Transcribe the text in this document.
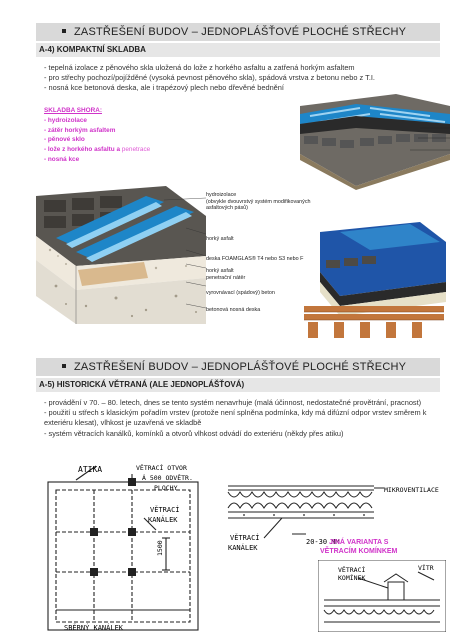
ZASTŘEŠENÍ BUDOV – JEDNOPLÁŠŤOVÉ PLOCHÉ STŘECHY
A-4) KOMPAKTNÍ SKLADBA
- tepelná izolace z pěnového skla uložená do lože z horkého asfaltu a zatřená horkým asfaltem
- pro střechy pochozí/pojížděné (vysoká pevnost pěnového skla), spádová vrstva z betonu nebo z T.I.
- nosná kce betonová deska, ale i trapézový plech nebo dřevěné bednění
SKLADBA SHORA:
- hydroizolace
- zátěr horkým asfaltem
- pěnové sklo
- lože z horkého asfaltu a penetrace
- nosná kce
hydroizolace
(obvykle dvouvrstvý systém modifikovaných asfaltových pásů)
horký asfalt
deska FOAMGLAS® T4 nebo S3 nebo F
horký asfalt
penetrační nátěr
vyrovnávací (spádový) beton
betonová nosná deska
ZASTŘEŠENÍ BUDOV – JEDNOPLÁŠŤOVÉ PLOCHÉ STŘECHY
A-5) HISTORICKÁ VĚTRANÁ (ALE JEDNOPLÁŠŤOVÁ)
- provádění v 70. – 80. letech, dnes se tento systém nenavrhuje (malá účinnost, nedostatečné provětrání, pracnost)
- použití u střech s klasickým pořadím vrstev (protože není splněna podmínka, kdy má difúzní odpor vrstev směrem k exteriéru klesat), vlhkost je uzavřená ve skladbě
- systém větracích kanálků, komínků a otvorů vlhkost odvádí do exteriéru (někdy přes atiku)
ATIKA	VĚTRACÍ OTVOR
Á 500 ODVĚTR.
PLOCHY
VĚTRACÍ
KANÁLEK
1500
SBĚRNÝ KANÁLEK
MIKROVENTILACE
VĚTRACÍ
KANÁLEK
20-30 MM
JINÁ VARIANTA S
VĚTRACÍM KOMÍNKEM
VĚTRACÍ
KOMÍNEK
VÍTR
